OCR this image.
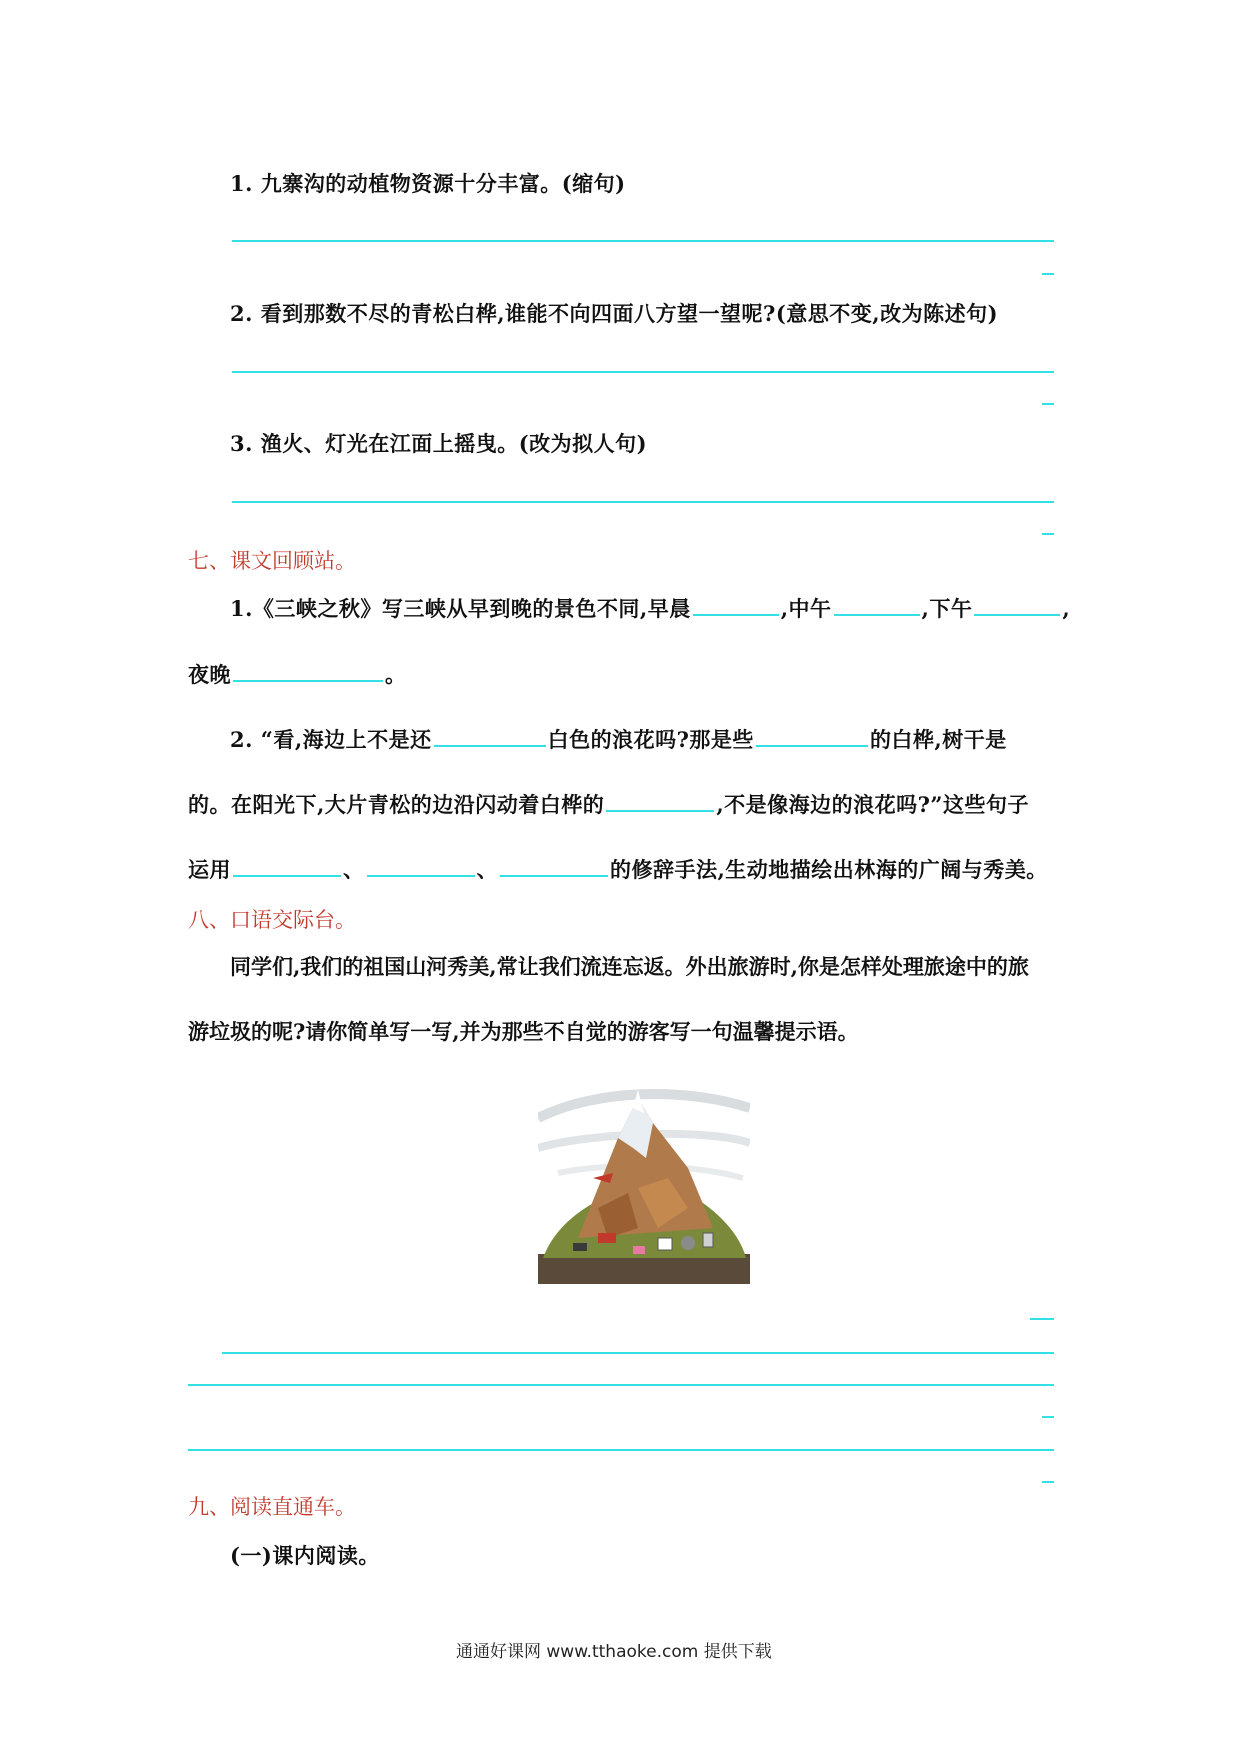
1. 九寨沟的动植物资源十分丰富。(缩句)
2. 看到那数不尽的青松白桦,谁能不向四面八方望一望呢?(意思不变,改为陈述句)
3. 渔火、灯光在江面上摇曳。(改为拟人句)
七、课文回顾站。
1.《三峡之秋》写三峡从早到晚的景色不同,早晨	,中午	,下午	,
夜晚	。
2. “看,海边上不是还	白色的浪花吗?那是些	的白桦,树干是
的。在阳光下,大片青松的边沿闪动着白桦的	,不是像海边的浪花吗?”这些句子
运用	、	、	的修辞手法,生动地描绘出林海的广阔与秀美。
八、口语交际台。
同学们,我们的祖国山河秀美,常让我们流连忘返。外出旅游时,你是怎样处理旅途中的旅
游垃圾的呢?请你简单写一写,并为那些不自觉的游客写一句温馨提示语。
九、阅读直通车。
(一)课内阅读。
通通好课网 www.tthaoke.com 提供下载
